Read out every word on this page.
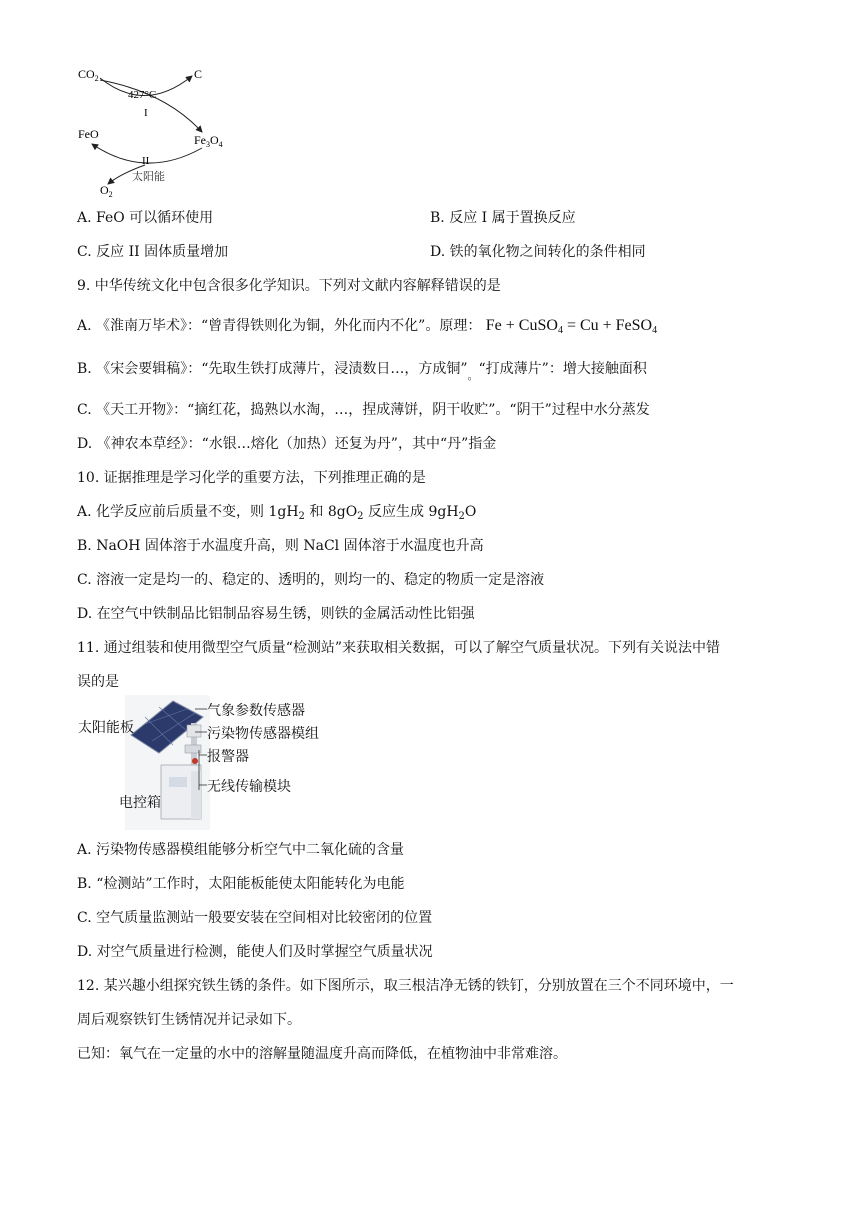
$CO_2$	C
427°C
I
FeO	$Fe_3O_4$
II
太阳能
$O_2$
A. FeO 可以循环使用	B. 反应 I 属于置换反应
C. 反应 II 固体质量增加	D. 铁的氧化物之间转化的条件相同
9. 中华传统文化中包含很多化学知识。下列对文献内容解释错误的是
A. 《淮南万毕术》：“曾青得铁则化为铜，外化而内不化”。原理： Fe + CuSO$_4$ = Cu + FeSO$_4$
B. 《宋会要辑稿》：“先取生铁打成薄片，浸渍数日…，方成铜$”_。“$打成薄片”：增大接触面积
C. 《天工开物》：“摘红花，捣熟以水淘，…，捏成薄饼，阴干收贮”。“阴干”过程中水分蒸发
D. 《神农本草经》：“水银…熔化（加热）还复为丹”，其中“丹”指金
10. 证据推理是学习化学的重要方法，下列推理正确的是
A. 化学反应前后质量不变，则 $1gH_2$ 和 $8gO_2$ 反应生成 $9gH_2O$
B. NaOH 固体溶于水温度升高，则 NaCl 固体溶于水温度也升高
C. 溶液一定是均一的、稳定的、透明的，则均一的、稳定的物质一定是溶液
D. 在空气中铁制品比铝制品容易生锈，则铁的金属活动性比铝强
11. 通过组装和使用微型空气质量“检测站”来获取相关数据，可以了解空气质量状况。下列有关说法中错
误的是
太阳能板
气象参数传感器
污染物传感器模组
报警器
无线传输模块
电控箱
A. 污染物传感器模组能够分析空气中二氧化硫的含量
B. “检测站”工作时，太阳能板能使太阳能转化为电能
C. 空气质量监测站一般要安装在空间相对比较密闭的位置
D. 对空气质量进行检测，能使人们及时掌握空气质量状况
12. 某兴趣小组探究铁生锈的条件。如下图所示，取三根洁净无锈的铁钉，分别放置在三个不同环境中，一
周后观察铁钉生锈情况并记录如下。
已知：氧气在一定量的水中的溶解量随温度升高而降低，在植物油中非常难溶。
